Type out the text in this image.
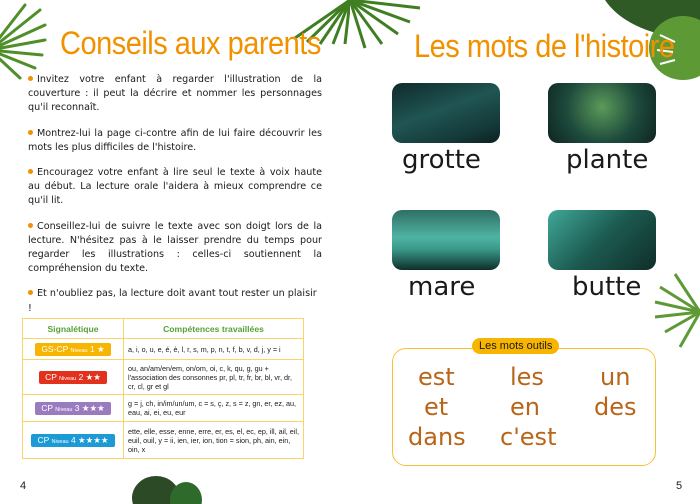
Conseils aux parents

Invitez votre enfant à regarder l'illustration de la couverture : il peut la décrire et nommer les personnages qu'il reconnaît.

Montrez-lui la page ci-contre afin de lui faire découvrir les mots les plus difficiles de l'histoire.

Encouragez votre enfant à lire seul le texte à voix haute au début. La lecture orale l'aidera à mieux comprendre ce qu'il lit.

Conseillez-lui de suivre le texte avec son doigt lors de la lecture. N'hésitez pas à le laisser prendre du temps pour regarder les illustrations : celles-ci soutiennent la compréhension du texte.

Et n'oubliez pas, la lecture doit avant tout rester un plaisir !

Signalétique	Compétences travaillées
GS-CP Niveau 1 ★	a, i, o, u, e, é, è, l, r, s, m, p, n, t, f, b, v, d, j, y = i
CP Niveau 2 ★★	ou, an/am/en/em, on/om, oi, c, k, qu, g, gu + l'association des consonnes pr, pl, tr, fr, br, bl, vr, dr, cr, cl, gr et gl
CP Niveau 3 ★★★	g = j, ch, in/im/un/um, c = s, ç, z, s = z, gn, er, ez, au, eau, ai, ei, eu, eur
CP Niveau 4 ★★★★	ette, elle, esse, enne, erre, er, es, el, ec, ep, ill, ail, eil, euil, ouil, y = ii, ien, ier, ion, tion = sion, ph, ain, ein, oin, x
4
Les mots de l'histoire
grotte	plante
mare	butte
Les mots outils
est les un
et	en des
dans c'est
5
